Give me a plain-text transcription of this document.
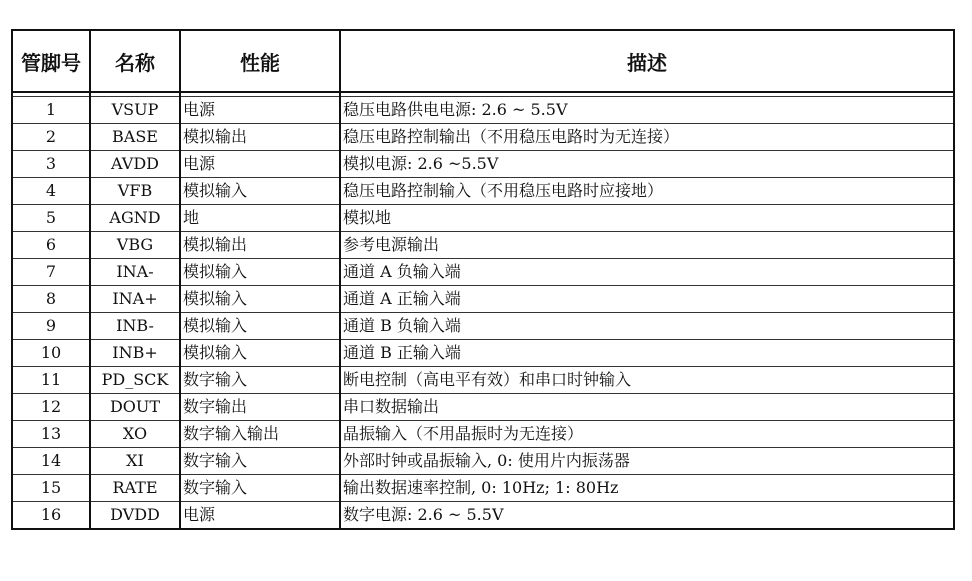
管脚号	名称	性能	描述

1	VSUP	电源	稳压电路供电电源: 2.6 ~ 5.5V
2	BASE	模拟输出	稳压电路控制输出（不用稳压电路时为无连接）
3	AVDD	电源	模拟电源: 2.6 ~5.5V
4	VFB	模拟输入	稳压电路控制输入（不用稳压电路时应接地）
5	AGND	地	模拟地
6	VBG	模拟输出	参考电源输出
7	INA-	模拟输入	通道 A 负输入端
8	INA+	模拟输入	通道 A 正输入端
9	INB-	模拟输入	通道 B 负输入端
10	INB+	模拟输入	通道 B 正输入端
11	PD_SCK	数字输入	断电控制（高电平有效）和串口时钟输入
12	DOUT	数字输出	串口数据输出
13	XO	数字输入输出	晶振输入（不用晶振时为无连接）
14	XI	数字输入	外部时钟或晶振输入, 0: 使用片内振荡器
15	RATE	数字输入	输出数据速率控制, 0: 10Hz; 1: 80Hz
16	DVDD	电源	数字电源: 2.6 ~ 5.5V
